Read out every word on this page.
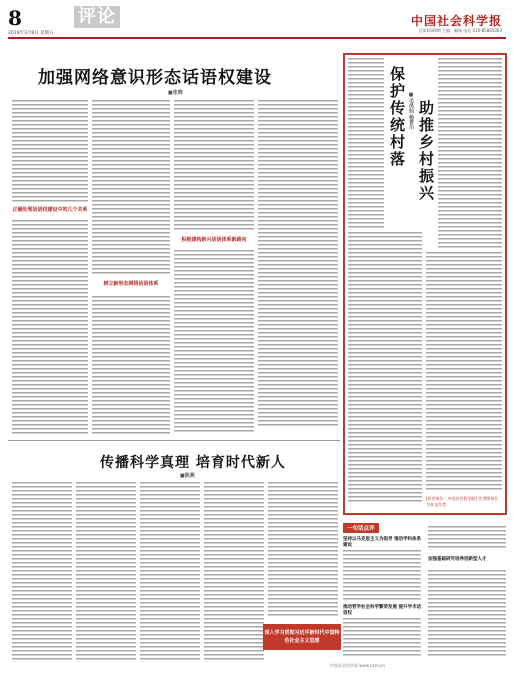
8
2019年3月8日 星期五
评论	中国社会科学报
总第1649期 主编：邮箱 电话 010-85885063
加强网络意识形态话语权建设
■张晓
正确处理话语权建设中的几个关系
树立新形态网络话语体系
积极建构新兴话语体系新路向
传播科学真理 培育时代新人
■陈燕
深入学习贯彻习近平新时代中国特色社会主义思想
保护传统村落 ■毛凤仙 杨晋川 助推乡村振兴
(作者单位：中国社会科学院) 作者附单位为本文作者
一句话点评
坚持以马克思主义为指导 推动学科体系建设
推动哲学社会科学繁荣发展 提升学术话语权
加强基础研究培养创新型人才
中国社会科学网 www.cssn.cn
